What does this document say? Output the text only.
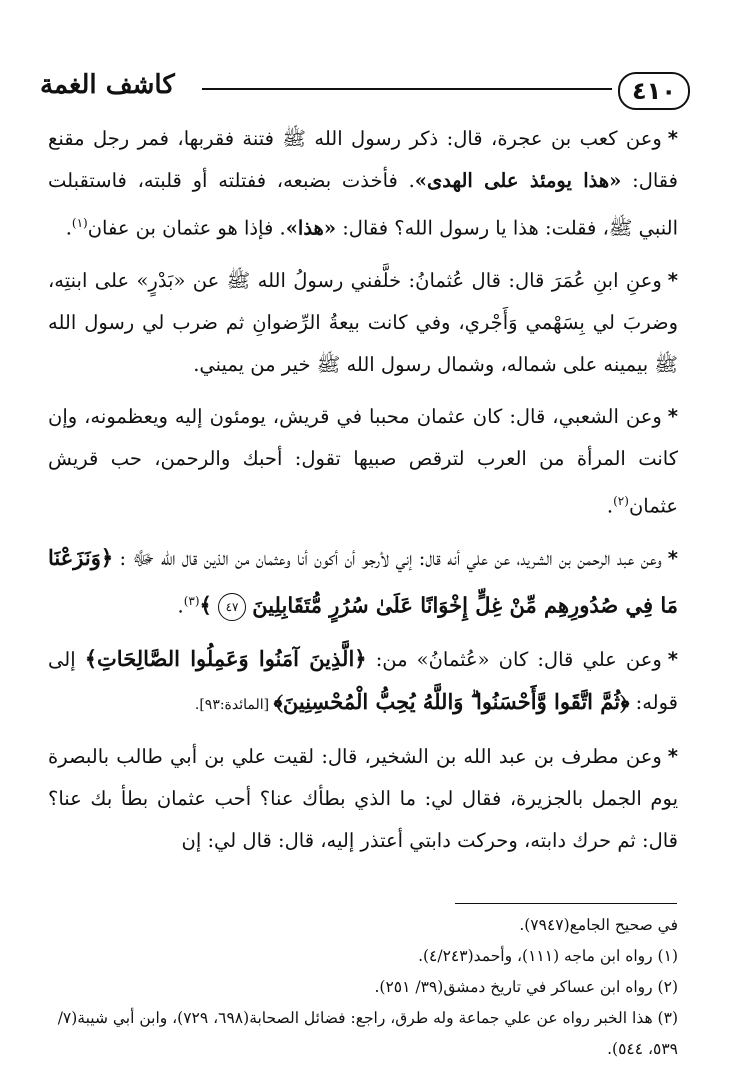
كاشف الغمة	٤١٠

*وعن كعب بن عجرة، قال: ذكر رسول الله ﷺ فتنة فقربها، فمر رجل مقنع فقال: «هذا يومئذ على الهدى». فأخذت بضبعه، ففتلته أو قلبته، فاستقبلت النبي ﷺ، فقلت: هذا يا رسول الله؟ فقال: «هذا». فإذا هو عثمان بن عفان$^{(١)}$.

*وعنِ ابنِ عُمَرَ قال: قال عُثمانُ: خلَّفني رسولُ الله ﷺ عن «بَدْرٍ» على ابنتِه، وضربَ لي بِسَهْمي وَأَجْري، وفي كانت بيعةُ الرِّضوانِ ثم ضرب لي رسول الله ﷺ بيمينه على شماله، وشمال رسول الله ﷺ خير من يميني.

*وعن الشعبي، قال: كان عثمان محببا في قريش، يومئون إليه ويعظمونه، وإن كانت المرأة من العرب لترقص صبيها تقول: أحبك والرحمن، حب قريش عثمان$^{(٢)}$.

*وعن عبد الرحمن بن الشريد، عن علي أنه قال: إني لأرجو أن أكون أنا وعثمان من الذين قال الله ﷻ : ﴿وَنَزَعْنَا مَا فِي صُدُورِهِم مِّنْ غِلٍّ إِخْوَانًا عَلَىٰ سُرُرٍ مُّتَقَابِلِينَ ٤٧ ﴾$^{(٣)}$.

*وعن علي قال: كان «عُثمانُ» من: ﴿الَّذِينَ آمَنُوا وَعَمِلُوا الصَّالِحَاتِ﴾ إلى قوله: ﴿ثُمَّ اتَّقَوا وَّأَحْسَنُوا ۗ وَاللَّهُ يُحِبُّ الْمُحْسِنِينَ﴾ [المائدة:٩٣].

*وعن مطرف بن عبد الله بن الشخير، قال: لقيت علي بن أبي طالب بالبصرة يوم الجمل بالجزيرة، فقال لي: ما الذي بطأك عنا؟ أحب عثمان بطأ بك عنا؟ قال: ثم حرك دابته، وحركت دابتي أعتذر إليه، قال: قال لي: إن

في صحيح الجامع(٧٩٤٧).

(١) رواه ابن ماجه (١١١)، وأحمد(٤/٢٤٣).

(٢) رواه ابن عساكر في تاريخ دمشق(٣٩/ ٢٥١).

(٣) هذا الخبر رواه عن علي جماعة وله طرق، راجع: فضائل الصحابة(٦٩٨، ٧٢٩)، وابن أبي شيبة(٧/ ٥٣٩، ٥٤٤).
